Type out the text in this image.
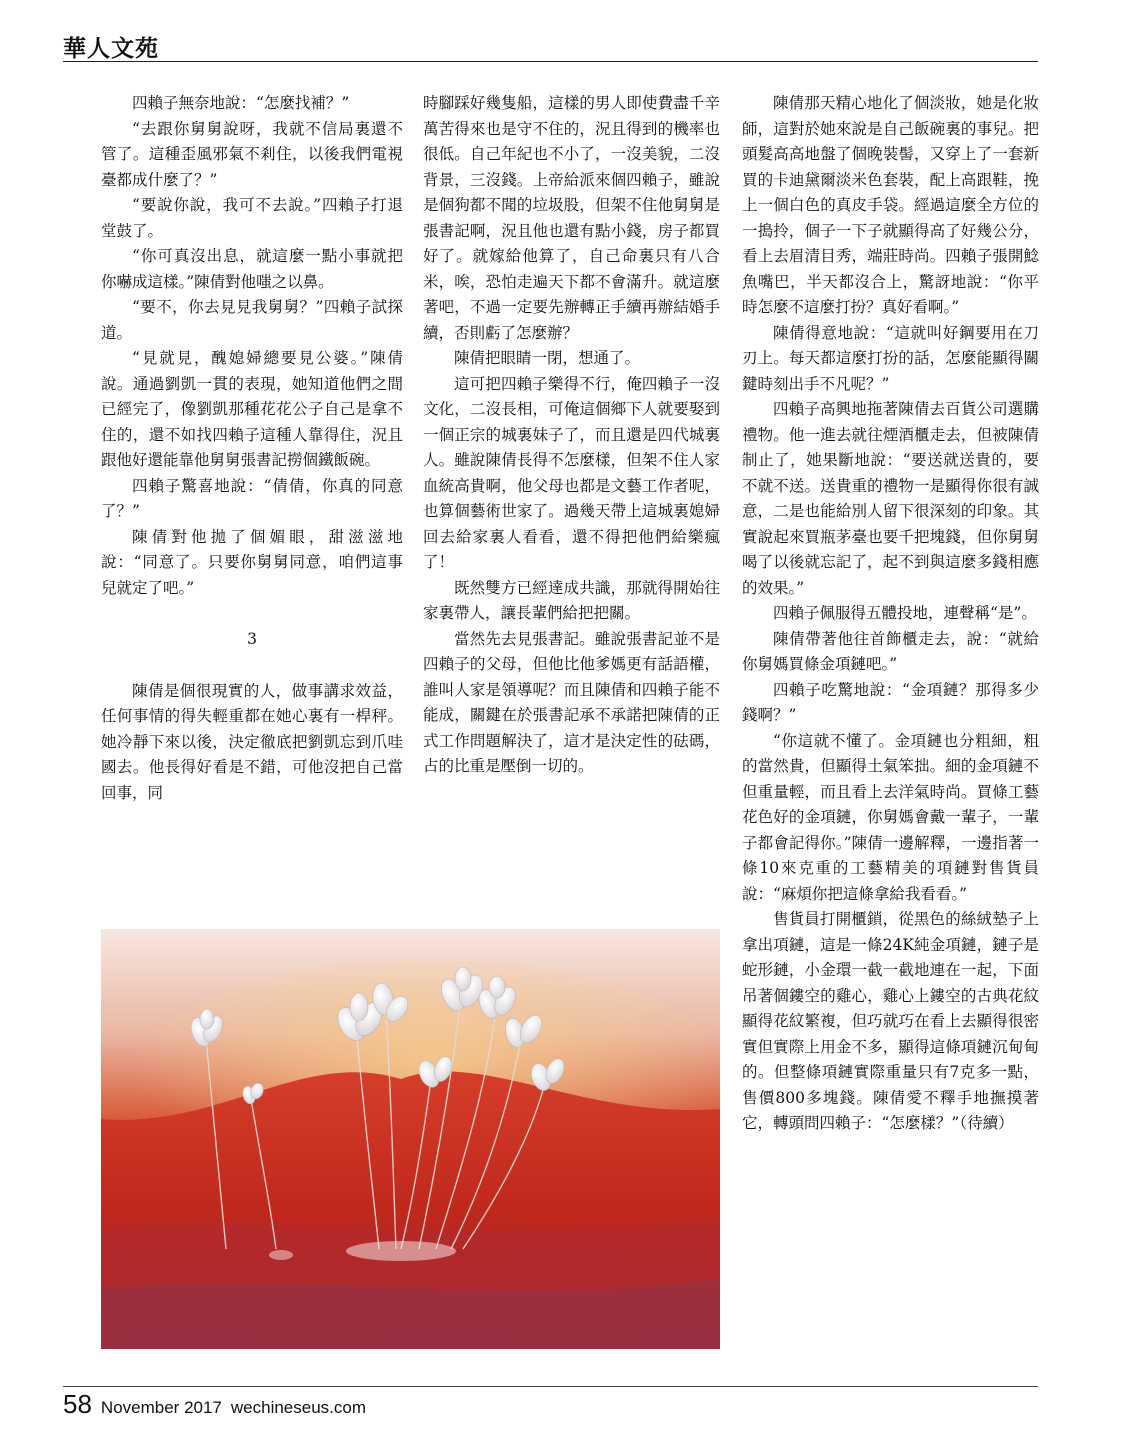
華人文苑

四賴子無奈地說：“怎麼找補？”

“去跟你舅舅說呀，我就不信局裏還不管了。這種歪風邪氣不剎住，以後我們電視臺都成什麼了？”

“要說你說，我可不去說。”四賴子打退堂鼓了。

“你可真沒出息，就這麼一點小事就把你嚇成這樣。”陳倩對他嗤之以鼻。

“要不，你去見見我舅舅？”四賴子試探道。

“見就見，醜媳婦總要見公婆。”陳倩說。通過劉凱一貫的表現，她知道他們之間已經完了，像劉凱那種花花公子自己是拿不住的，還不如找四賴子這種人靠得住，況且跟他好還能靠他舅舅張書記撈個鐵飯碗。

四賴子驚喜地說：“倩倩，你真的同意了？”

陳倩對他拋了個媚眼，甜滋滋地說：“同意了。只要你舅舅同意，咱們這事兒就定了吧。”

3

陳倩是個很現實的人，做事講求效益，任何事情的得失輕重都在她心裏有一桿秤。她冷靜下來以後，決定徹底把劉凱忘到爪哇國去。他長得好看是不錯，可他沒把自己當回事，同

時腳踩好幾隻船，這樣的男人即使費盡千辛萬苦得來也是守不住的，況且得到的機率也很低。自己年紀也不小了，一沒美貌，二沒背景，三沒錢。上帝給派來個四賴子，雖說是個狗都不聞的垃圾股，但架不住他舅舅是張書記啊，況且他也還有點小錢，房子都買好了。就嫁給他算了，自己命裏只有八合米，唉，恐怕走遍天下都不會滿升。就這麼著吧，不過一定要先辦轉正手續再辦結婚手續，否則虧了怎麼辦？

陳倩把眼睛一閉，想通了。

這可把四賴子樂得不行，俺四賴子一沒文化，二沒長相，可俺這個鄉下人就要娶到一個正宗的城裏妹子了，而且還是四代城裏人。雖說陳倩長得不怎麼樣，但架不住人家血統高貴啊，他父母也都是文藝工作者呢，也算個藝術世家了。過幾天帶上這城裏媳婦回去給家裏人看看，還不得把他們給樂瘋了！

既然雙方已經達成共識，那就得開始往家裏帶人，讓長輩們給把把關。

當然先去見張書記。雖說張書記並不是四賴子的父母，但他比他爹媽更有話語權，誰叫人家是領導呢？而且陳倩和四賴子能不能成，關鍵在於張書記承不承諾把陳倩的正式工作問題解決了，這才是決定性的砝碼，占的比重是壓倒一切的。

陳倩那天精心地化了個淡妝，她是化妝師，這對於她來說是自己飯碗裏的事兒。把頭髮高高地盤了個晚裝髻，又穿上了一套新買的卡迪黛爾淡米色套裝，配上高跟鞋，挽上一個白色的真皮手袋。經過這麼全方位的一搗拎，個子一下子就顯得高了好幾公分，看上去眉清目秀，端莊時尚。四賴子張開鯰魚嘴巴，半天都沒合上，驚訝地說：“你平時怎麼不這麼打扮？真好看啊。”

陳倩得意地說：“這就叫好鋼要用在刀刃上。每天都這麼打扮的話，怎麼能顯得關鍵時刻出手不凡呢？”

四賴子高興地拖著陳倩去百貨公司選購禮物。他一進去就往煙酒櫃走去，但被陳倩制止了，她果斷地說：“要送就送貴的，要不就不送。送貴重的禮物一是顯得你很有誠意，二是也能給別人留下很深刻的印象。其實說起來買瓶茅臺也要千把塊錢，但你舅舅喝了以後就忘記了，起不到與這麼多錢相應的效果。”

四賴子佩服得五體投地，連聲稱“是”。

陳倩帶著他往首飾櫃走去，說：“就給你舅媽買條金項鏈吧。”

四賴子吃驚地說：“金項鏈？那得多少錢啊？”

“你這就不懂了。金項鏈也分粗細，粗的當然貴，但顯得土氣笨拙。細的金項鏈不但重量輕，而且看上去洋氣時尚。買條工藝花色好的金項鏈，你舅媽會戴一輩子，一輩子都會記得你。”陳倩一邊解釋，一邊指著一條10來克重的工藝精美的項鏈對售貨員說：“麻煩你把這條拿給我看看。”

售貨員打開櫃鎖，從黑色的絲絨墊子上拿出項鏈，這是一條24K純金項鏈，鏈子是蛇形鏈，小金環一截一截地連在一起，下面吊著個鏤空的雞心，雞心上鏤空的古典花紋顯得花紋繁複，但巧就巧在看上去顯得很密實但實際上用金不多，顯得這條項鏈沉甸甸的。但整條項鏈實際重量只有7克多一點，售價800多塊錢。陳倩愛不釋手地撫摸著它，轉頭問四賴子：“怎麼樣？”（待續）

58 November 2017 wechineseus.com
